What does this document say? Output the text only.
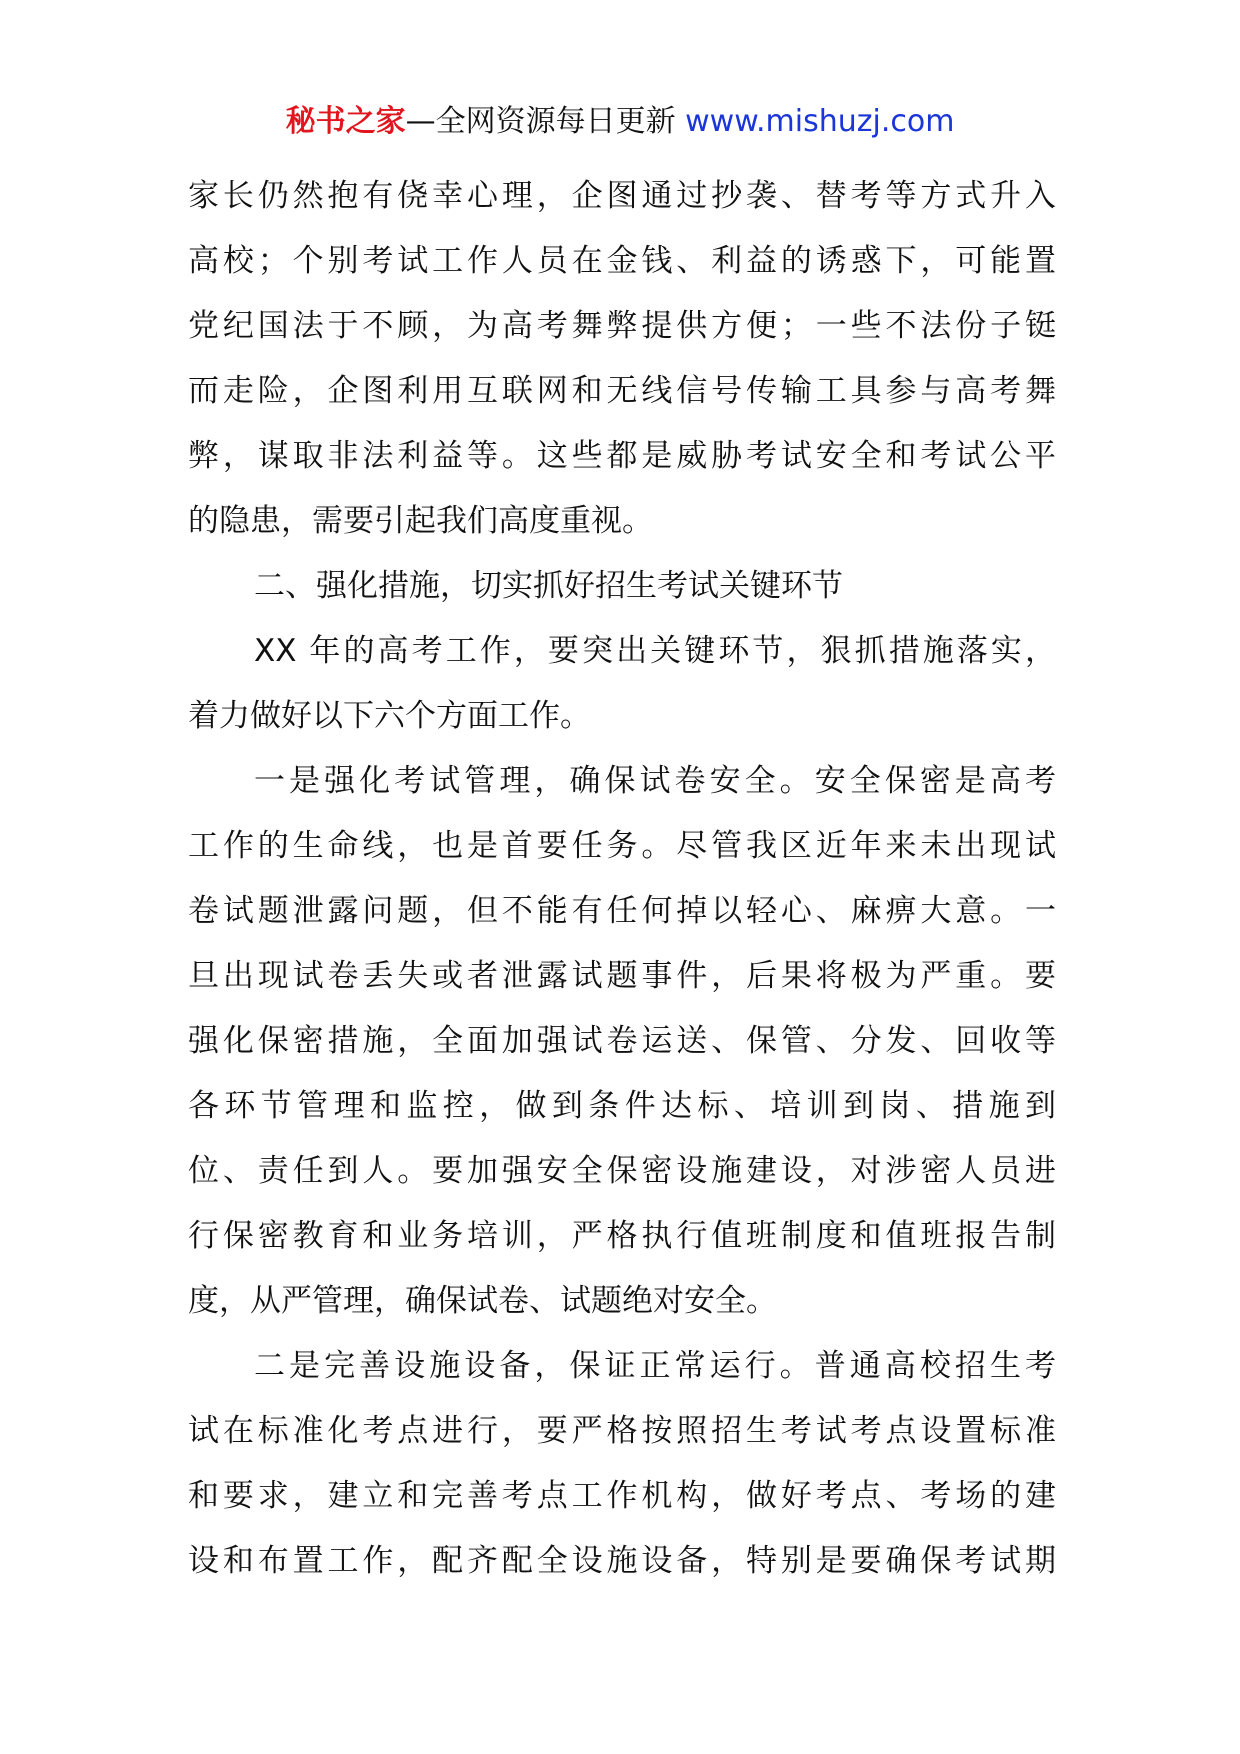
秘书之家—全网资源每日更新 www.mishuzj.com
家长仍然抱有侥幸心理，企图通过抄袭、替考等方式升入
高校；个别考试工作人员在金钱、利益的诱惑下，可能置
党纪国法于不顾，为高考舞弊提供方便；一些不法份子铤
而走险，企图利用互联网和无线信号传输工具参与高考舞
弊，谋取非法利益等。这些都是威胁考试安全和考试公平
的隐患，需要引起我们高度重视。
二、强化措施，切实抓好招生考试关键环节
XX 年的高考工作，要突出关键环节，狠抓措施落实，
着力做好以下六个方面工作。
一是强化考试管理，确保试卷安全。安全保密是高考
工作的生命线，也是首要任务。尽管我区近年来未出现试
卷试题泄露问题，但不能有任何掉以轻心、麻痹大意。一
旦出现试卷丢失或者泄露试题事件，后果将极为严重。要
强化保密措施，全面加强试卷运送、保管、分发、回收等
各环节管理和监控，做到条件达标、培训到岗、措施到
位、责任到人。要加强安全保密设施建设，对涉密人员进
行保密教育和业务培训，严格执行值班制度和值班报告制
度，从严管理，确保试卷、试题绝对安全。
二是完善设施设备，保证正常运行。普通高校招生考
试在标准化考点进行，要严格按照招生考试考点设置标准
和要求，建立和完善考点工作机构，做好考点、考场的建
设和布置工作，配齐配全设施设备，特别是要确保考试期
